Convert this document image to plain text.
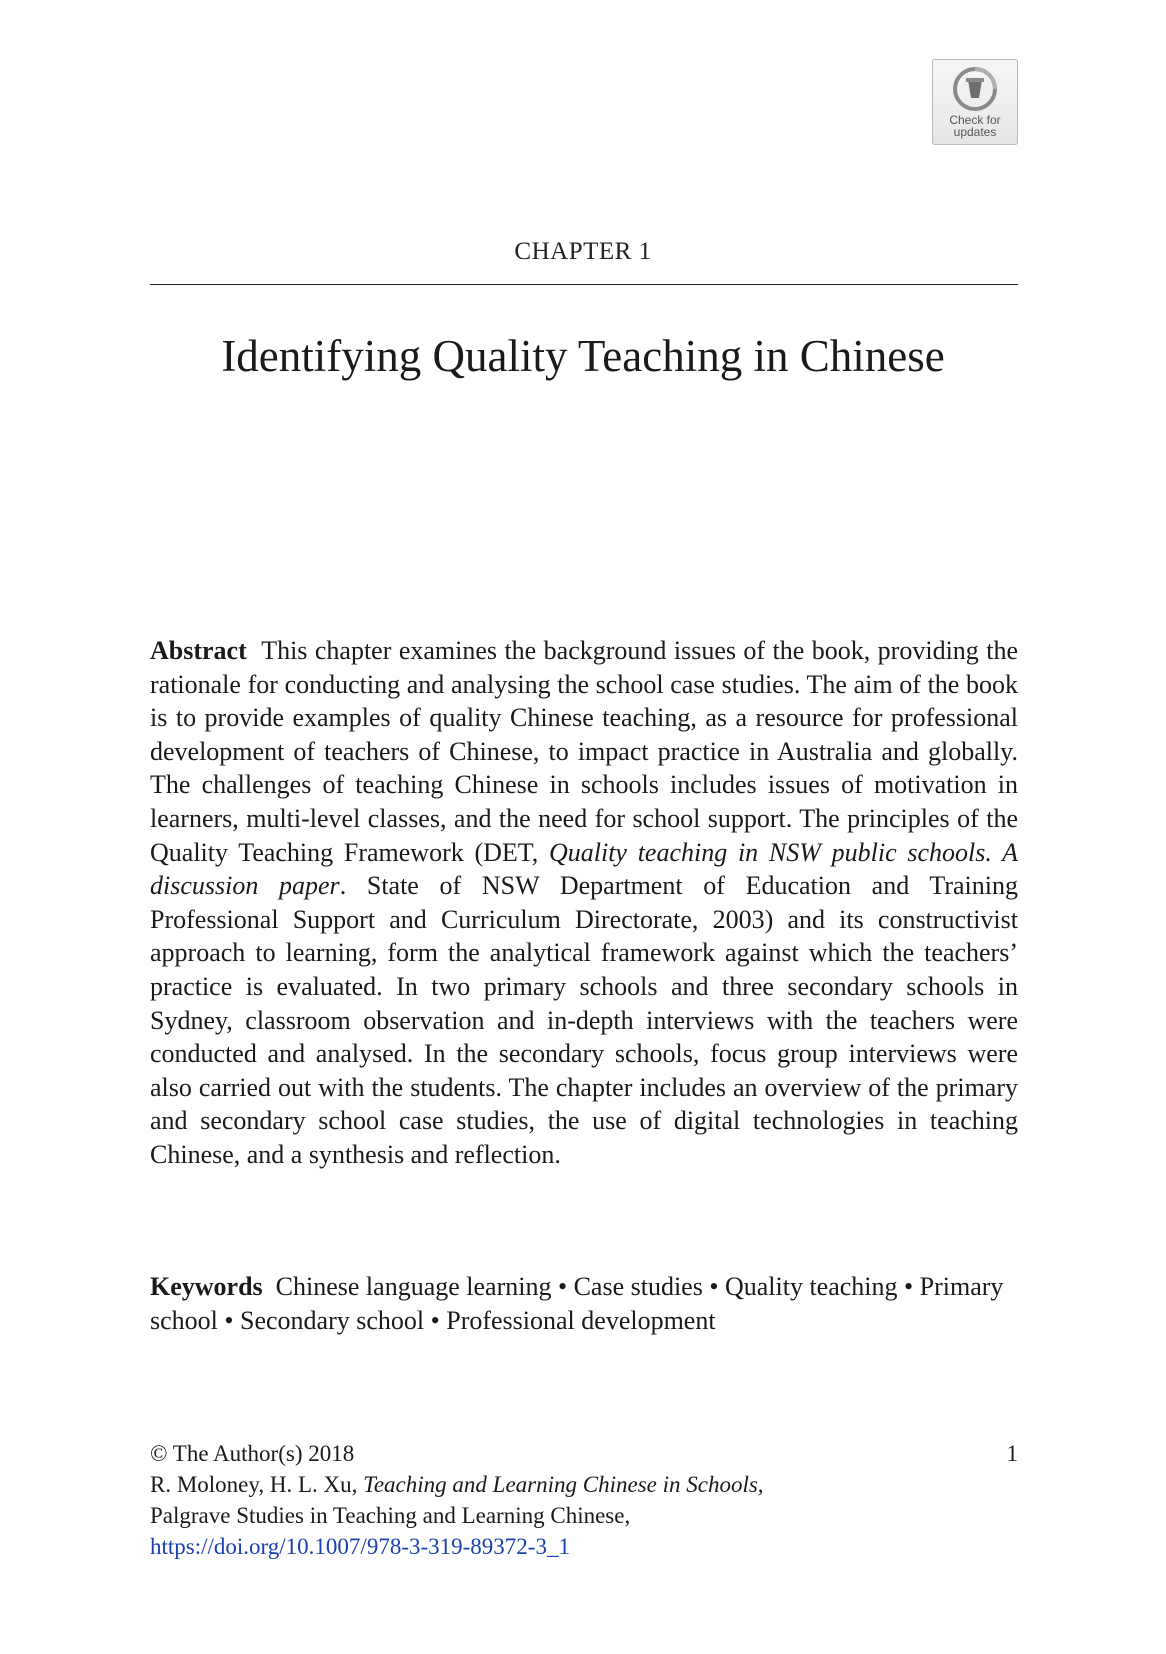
Check for updates
CHAPTER 1
Identifying Quality Teaching in Chinese

Abstract This chapter examines the background issues of the book, providing the rationale for conducting and analysing the school case studies. The aim of the book is to provide examples of quality Chinese teaching, as a resource for professional development of teachers of Chinese, to impact practice in Australia and globally. The challenges of teaching Chinese in schools includes issues of motivation in learners, multi-level classes, and the need for school support. The principles of the Quality Teaching Framework (DET, Quality teaching in NSW public schools. A discussion paper. State of NSW Department of Education and Training Professional Support and Curriculum Directorate, 2003) and its constructivist approach to learning, form the analytical framework against which the teachers’ practice is evaluated. In two primary schools and three secondary schools in Sydney, classroom observation and in-depth interviews with the teachers were conducted and analysed. In the secondary schools, focus group interviews were also carried out with the students. The chapter includes an overview of the primary and secondary school case studies, the use of digital technologies in teaching Chinese, and a synthesis and reflection.

Keywords Chinese language learning • Case studies • Quality teaching • Primary school • Secondary school • Professional development

© The Author(s) 2018	1
R. Moloney, H. L. Xu, Teaching and Learning Chinese in Schools,
Palgrave Studies in Teaching and Learning Chinese,
https://doi.org/10.1007/978-3-319-89372-3_1
